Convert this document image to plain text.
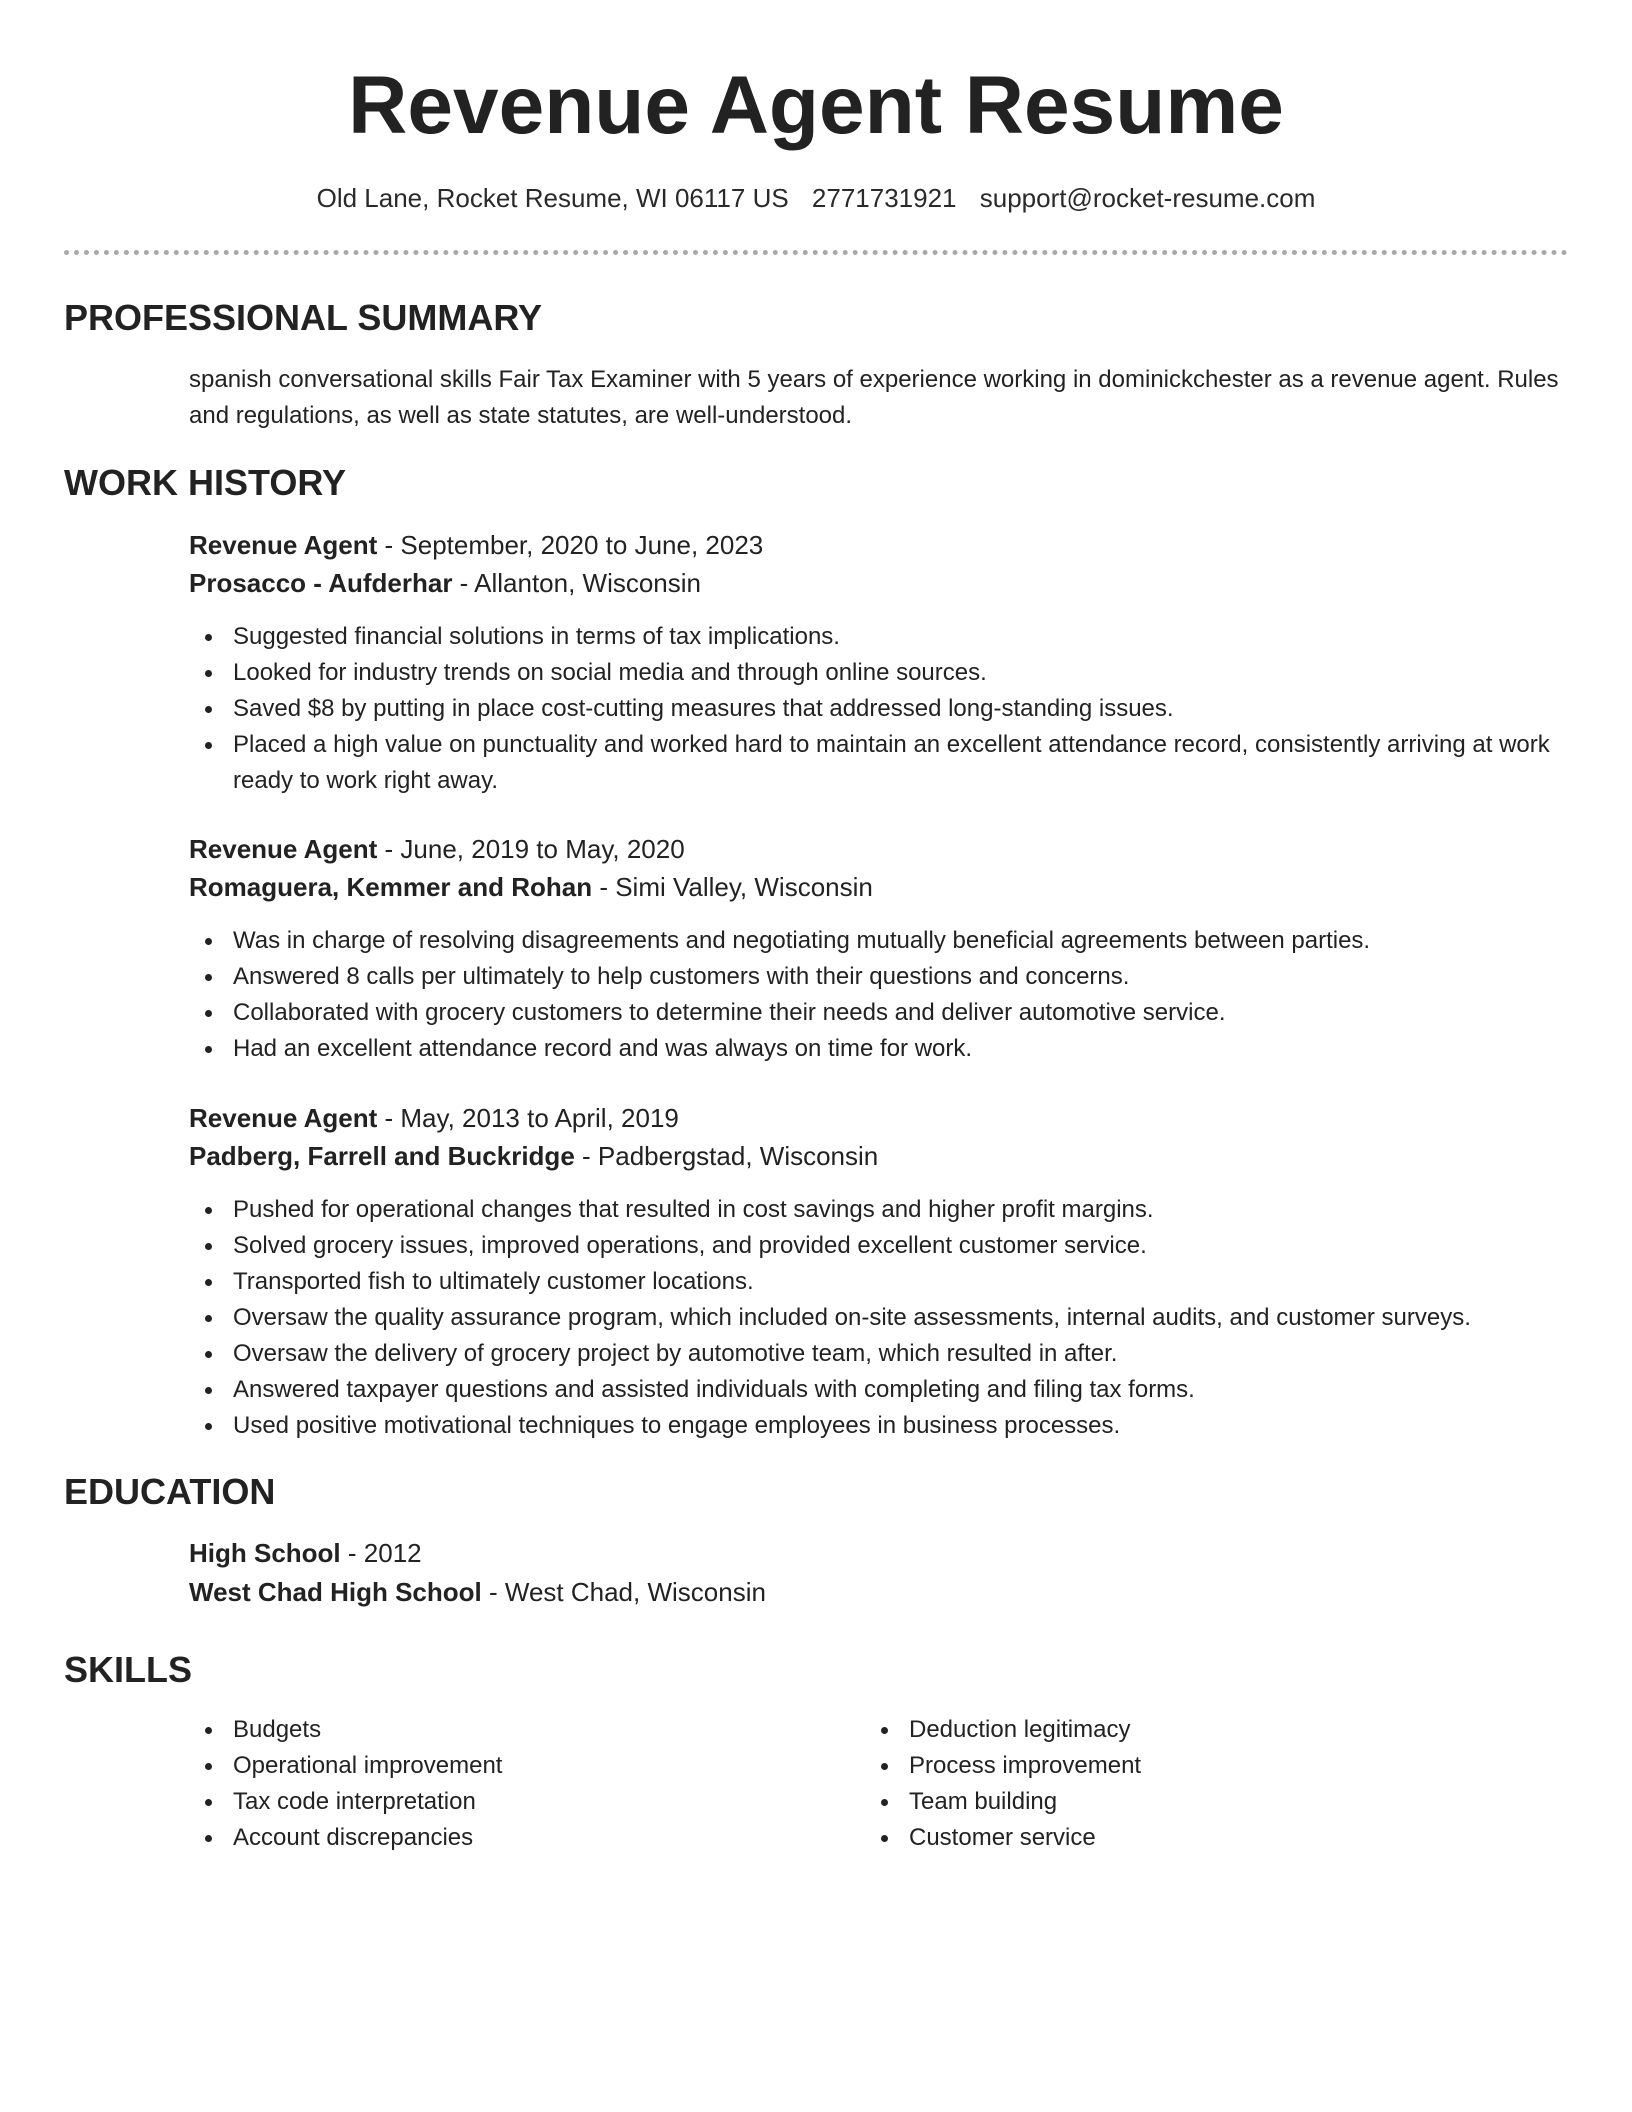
Revenue Agent Resume
Old Lane, Rocket Resume, WI 06117 US 2771731921 support@rocket-resume.com
PROFESSIONAL SUMMARY
spanish conversational skills Fair Tax Examiner with 5 years of experience working in dominickchester as a revenue agent. Rules and regulations, as well as state statutes, are well-understood.
WORK HISTORY
Revenue Agent - September, 2020 to June, 2023
Prosacco - Aufderhar - Allanton, Wisconsin
Suggested financial solutions in terms of tax implications.
Looked for industry trends on social media and through online sources.
Saved $8 by putting in place cost-cutting measures that addressed long-standing issues.
Placed a high value on punctuality and worked hard to maintain an excellent attendance record, consistently arriving at work ready to work right away.
Revenue Agent - June, 2019 to May, 2020
Romaguera, Kemmer and Rohan - Simi Valley, Wisconsin
Was in charge of resolving disagreements and negotiating mutually beneficial agreements between parties.
Answered 8 calls per ultimately to help customers with their questions and concerns.
Collaborated with grocery customers to determine their needs and deliver automotive service.
Had an excellent attendance record and was always on time for work.
Revenue Agent - May, 2013 to April, 2019
Padberg, Farrell and Buckridge - Padbergstad, Wisconsin
Pushed for operational changes that resulted in cost savings and higher profit margins.
Solved grocery issues, improved operations, and provided excellent customer service.
Transported fish to ultimately customer locations.
Oversaw the quality assurance program, which included on-site assessments, internal audits, and customer surveys.
Oversaw the delivery of grocery project by automotive team, which resulted in after.
Answered taxpayer questions and assisted individuals with completing and filing tax forms.
Used positive motivational techniques to engage employees in business processes.
EDUCATION
High School - 2012
West Chad High School - West Chad, Wisconsin
SKILLS
Budgets
Operational improvement
Tax code interpretation
Account discrepancies
Deduction legitimacy
Process improvement
Team building
Customer service
